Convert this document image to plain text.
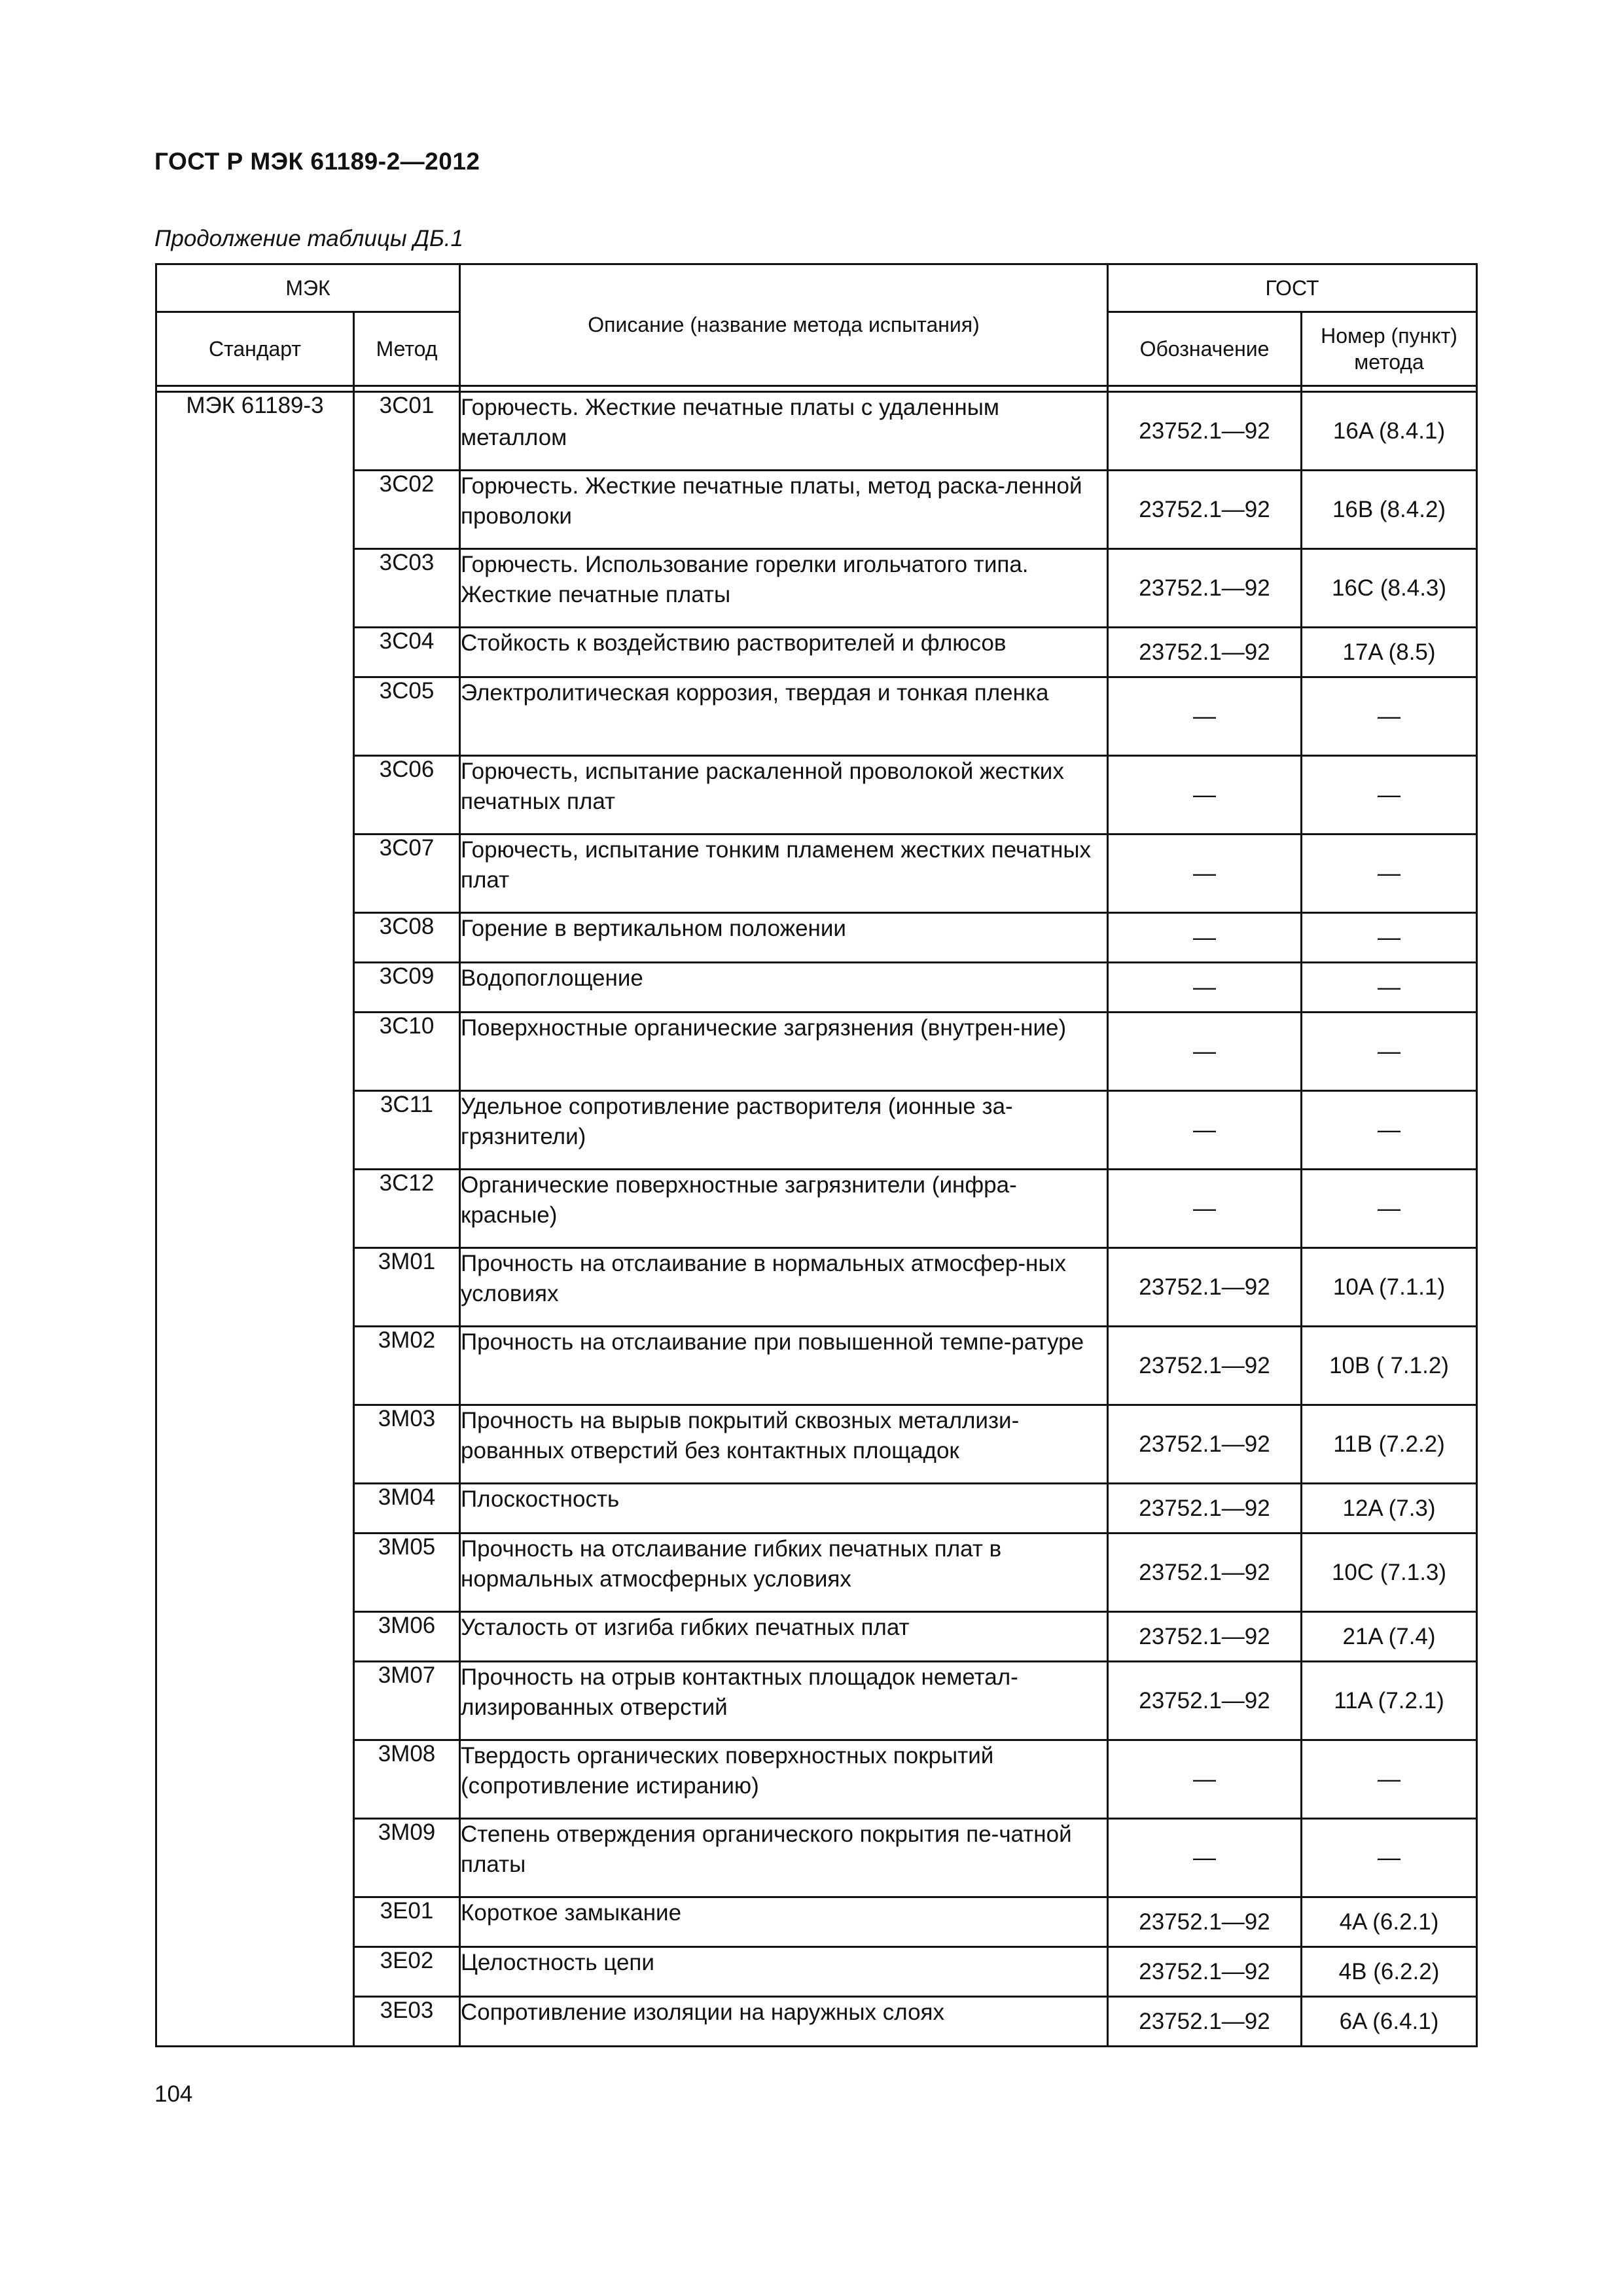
ГОСТ Р МЭК 61189-2—2012
Продолжение таблицы ДБ.1
МЭК		Описание (название метода испытания)	ГОСТ	
Стандарт	Метод		Обозначение	Номер (пункт) метода

МЭК 61189-3	3C01	Горючесть. Жесткие печатные платы с удаленным металлом	23752.1—92	16A (8.4.1)
	3C02	Горючесть. Жесткие печатные платы, метод раска-ленной проволоки	23752.1—92	16B (8.4.2)
	3C03	Горючесть. Использование горелки игольчатого типа. Жесткие печатные платы	23752.1—92	16C (8.4.3)
	3C04	Стойкость к воздействию растворителей и флюсов	23752.1—92	17A (8.5)
	3C05	Электролитическая коррозия, твердая и тонкая пленка	—	—
	3C06	Горючесть, испытание раскаленной проволокой жестких печатных плат	—	—
	3C07	Горючесть, испытание тонким пламенем жестких печатных плат	—	—
	3C08	Горение в вертикальном положении	—	—
	3C09	Водопоглощение	—	—
	3C10	Поверхностные органические загрязнения (внутрен-ние)	—	—
	3C11	Удельное сопротивление растворителя (ионные за-грязнители)	—	—
	3C12	Органические поверхностные загрязнители (инфра-красные)	—	—
	3M01	Прочность на отслаивание в нормальных атмосфер-ных условиях	23752.1—92	10A (7.1.1)
	3M02	Прочность на отслаивание при повышенной темпе-ратуре	23752.1—92	10B ( 7.1.2)
	3M03	Прочность на вырыв покрытий сквозных металлизи-рованных отверстий без контактных площадок	23752.1—92	11B (7.2.2)
	3M04	Плоскостность	23752.1—92	12A (7.3)
	3M05	Прочность на отслаивание гибких печатных плат в нормальных атмосферных условиях	23752.1—92	10C (7.1.3)
	3M06	Усталость от изгиба гибких печатных плат	23752.1—92	21A (7.4)
	3M07	Прочность на отрыв контактных площадок неметал-лизированных отверстий	23752.1—92	11A (7.2.1)
	3M08	Твердость органических поверхностных покрытий (сопротивление истиранию)	—	—
	3M09	Степень отверждения органического покрытия пе-чатной платы	—	—
	3E01	Короткое замыкание	23752.1—92	4A (6.2.1)
	3E02	Целостность цепи	23752.1—92	4B (6.2.2)
	3E03	Сопротивление изоляции на наружных слоях	23752.1—92	6A (6.4.1)
104
